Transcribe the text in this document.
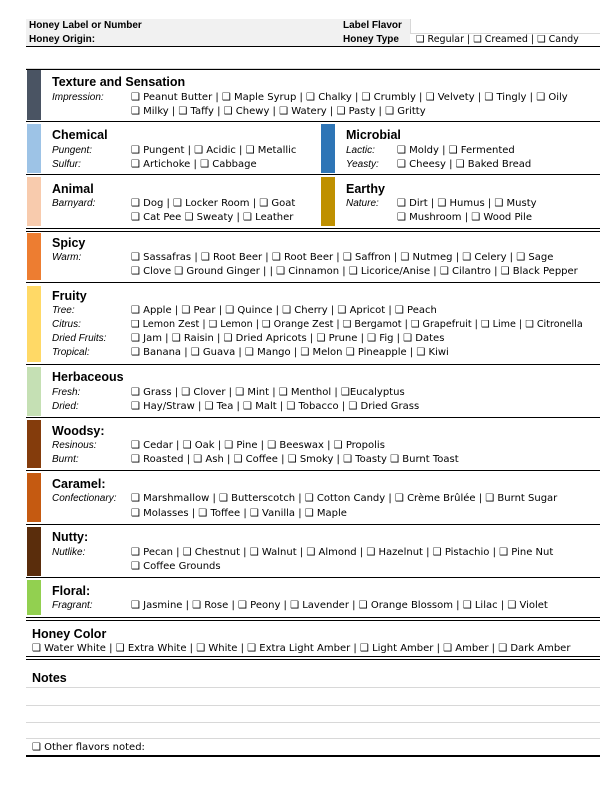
Honey Label or Number	Label Flavor
Honey Origin:	Honey Type	❑ Regular | ❑ Creamed | ❑ Candy
Texture and Sensation
Impression:	❑ Peanut Butter | ❑ Maple Syrup | ❑ Chalky | ❑ Crumbly | ❑ Velvety | ❑ Tingly | ❑ Oily
❑ Milky | ❑ Taffy | ❑ Chewy | ❑ Watery | ❑ Pasty | ❑ Gritty
Chemical
Pungent:	❑ Pungent | ❑ Acidic | ❑ Metallic
Sulfur:	❑ Artichoke | ❑ Cabbage
Microbial
Lactic: ❑ Moldy | ❑ Fermented
Yeasty: ❑ Cheesy | ❑ Baked Bread
Animal
Barnyard:	❑ Dog | ❑ Locker Room | ❑ Goat
❑ Cat Pee ❑ Sweaty | ❑ Leather
Earthy
Nature: ❑ Dirt | ❑ Humus | ❑ Musty
❑ Mushroom | ❑ Wood Pile
Spicy
Warm:	❑ Sassafras | ❑ Root Beer | ❑ Root Beer | ❑ Saffron | ❑ Nutmeg | ❑ Celery | ❑ Sage
❑ Clove ❑ Ground Ginger | | ❑ Cinnamon | ❑ Licorice/Anise | ❑ Cilantro | ❑ Black Pepper
Fruity
Tree:	❑ Apple | ❑ Pear | ❑ Quince | ❑ Cherry | ❑ Apricot | ❑ Peach
Citrus:	❑ Lemon Zest | ❑ Lemon | ❑ Orange Zest | ❑ Bergamot | ❑ Grapefruit | ❑ Lime | ❑ Citronella
Dried Fruits: ❑ Jam | ❑ Raisin | ❑ Dried Apricots | ❑ Prune | ❑ Fig | ❑ Dates
Tropical:	❑ Banana | ❑ Guava | ❑ Mango | ❑ Melon ❑ Pineapple | ❑ Kiwi
Herbaceous
Fresh:	❑ Grass | ❑ Clover | ❑ Mint | ❑ Menthol | ❑Eucalyptus
Dried:	❑ Hay/Straw | ❑ Tea | ❑ Malt | ❑ Tobacco | ❑ Dried Grass
Woodsy:
Resinous:	❑ Cedar | ❑ Oak | ❑ Pine | ❑ Beeswax | ❑ Propolis
Burnt:	❑ Roasted | ❑ Ash | ❑ Coffee | ❑ Smoky | ❑ Toasty ❑ Burnt Toast
Caramel:
Confectionary: ❑ Marshmallow | ❑ Butterscotch | ❑ Cotton Candy | ❑ Crème Brûlée | ❑ Burnt Sugar
❑ Molasses | ❑ Toffee | ❑ Vanilla | ❑ Maple
Nutty:
Nutlike:	❑ Pecan | ❑ Chestnut | ❑ Walnut | ❑ Almond | ❑ Hazelnut | ❑ Pistachio | ❑ Pine Nut
❑ Coffee Grounds
Floral:
Fragrant:	❑ Jasmine | ❑ Rose | ❑ Peony | ❑ Lavender | ❑ Orange Blossom | ❑ Lilac | ❑ Violet
Honey Color
❑ Water White | ❑ Extra White | ❑ White | ❑ Extra Light Amber | ❑ Light Amber | ❑ Amber | ❑ Dark Amber
Notes
❑ Other flavors noted:
